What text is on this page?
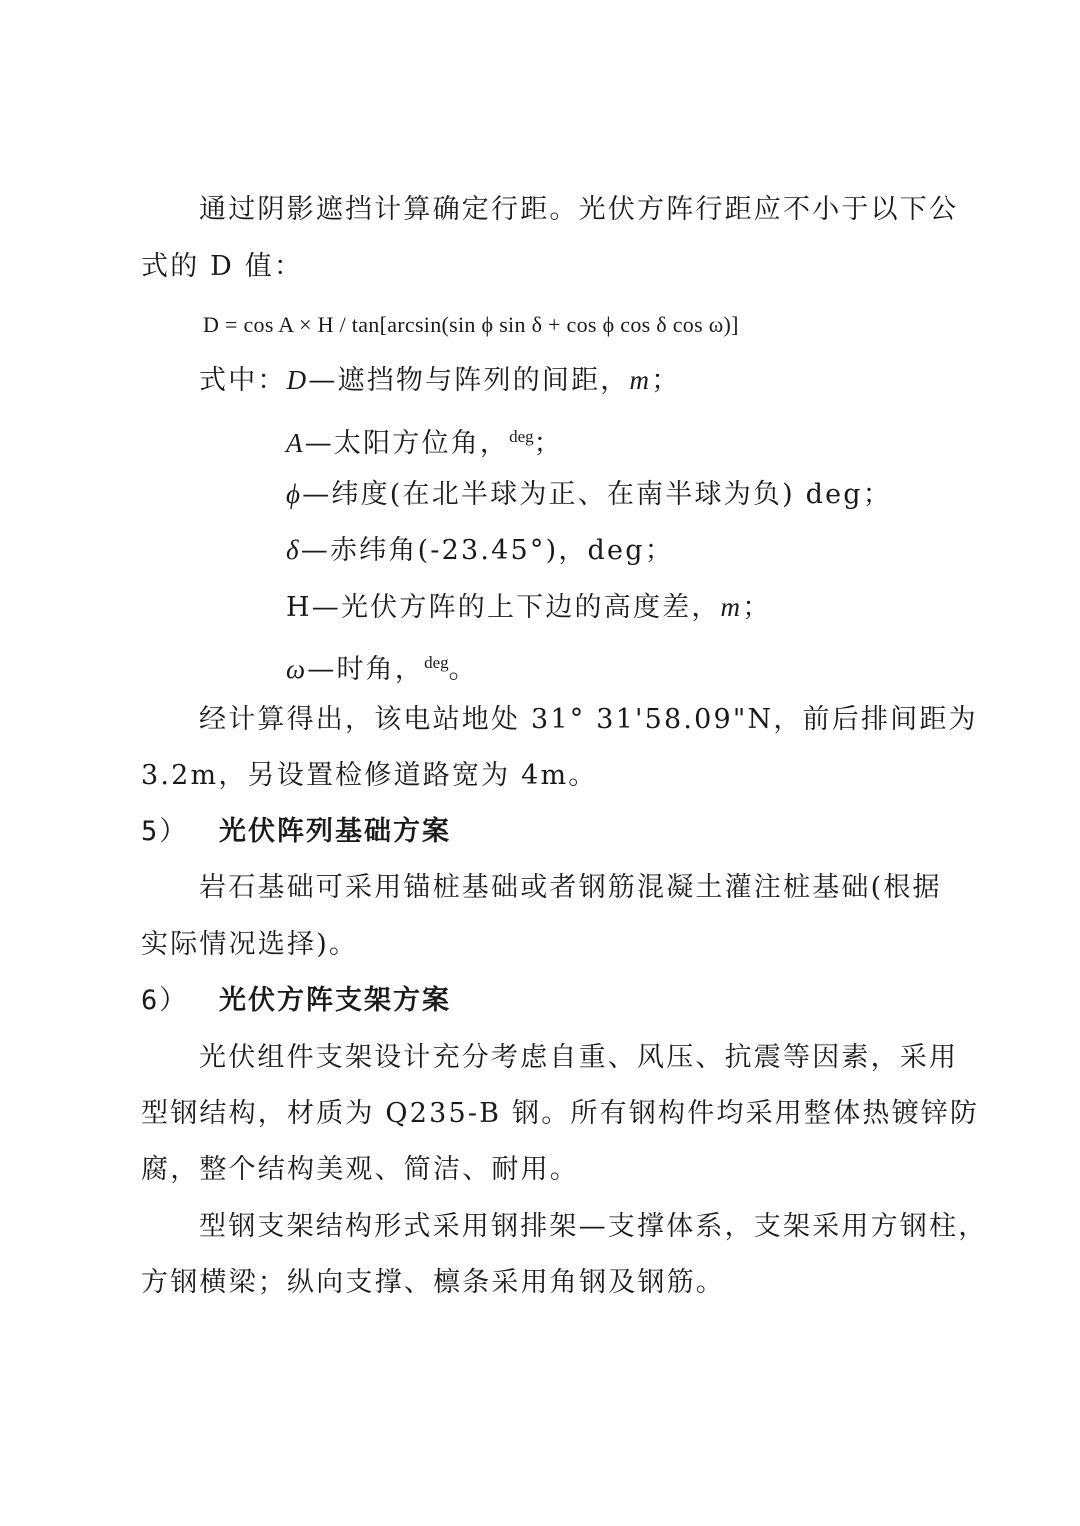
通过阴影遮挡计算确定行距。光伏方阵行距应不小于以下公
式的 D 值：
D = cos A × H / tan[arcsin(sin ϕ sin δ + cos ϕ cos δ cos ω)]
式中：D—遮挡物与阵列的间距，m；
A—太阳方位角，$^{deg}$；
ϕ—纬度(在北半球为正、在南半球为负) deg；
δ—赤纬角(-23.45°)，deg；
H—光伏方阵的上下边的高度差，m；
ω—时角，$^{deg}$。
经计算得出，该电站地处 31° 31'58.09"N，前后排间距为
3.2m，另设置检修道路宽为 4m。
5） 光伏阵列基础方案
岩石基础可采用锚桩基础或者钢筋混凝土灌注桩基础(根据
实际情况选择)。
6） 光伏方阵支架方案
光伏组件支架设计充分考虑自重、风压、抗震等因素，采用
型钢结构，材质为 Q235-B 钢。所有钢构件均采用整体热镀锌防
腐，整个结构美观、简洁、耐用。
型钢支架结构形式采用钢排架—支撑体系，支架采用方钢柱，
方钢横梁；纵向支撑、檩条采用角钢及钢筋。
